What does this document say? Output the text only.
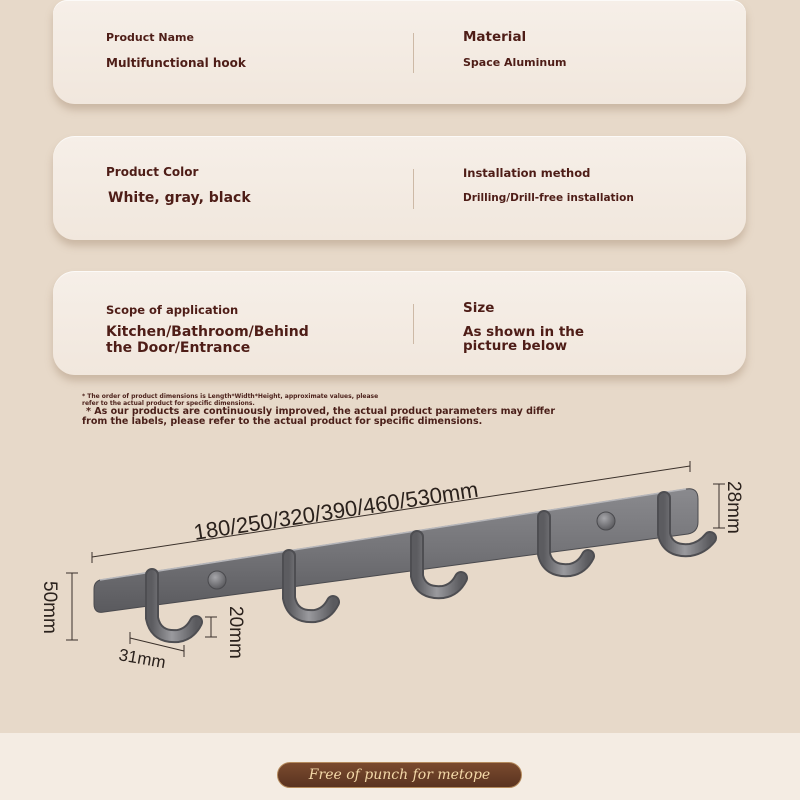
Product Name
Multifunctional hook
Material
Space Aluminum
Product Color
White, gray, black
Installation method
Drilling/Drill-free installation
Scope of application
Kitchen/Bathroom/Behind
the Door/Entrance
Size
As shown in the
picture below
* The order of product dimensions is Length*Width*Height, approximate values, please
refer to the actual product for specific dimensions.
* As our products are continuously improved, the actual product parameters may differ
from the labels, please refer to the actual product for specific dimensions.
180/250/320/390/460/530mm	28mm
50mm	20mm
31mm
Free of punch for metope
